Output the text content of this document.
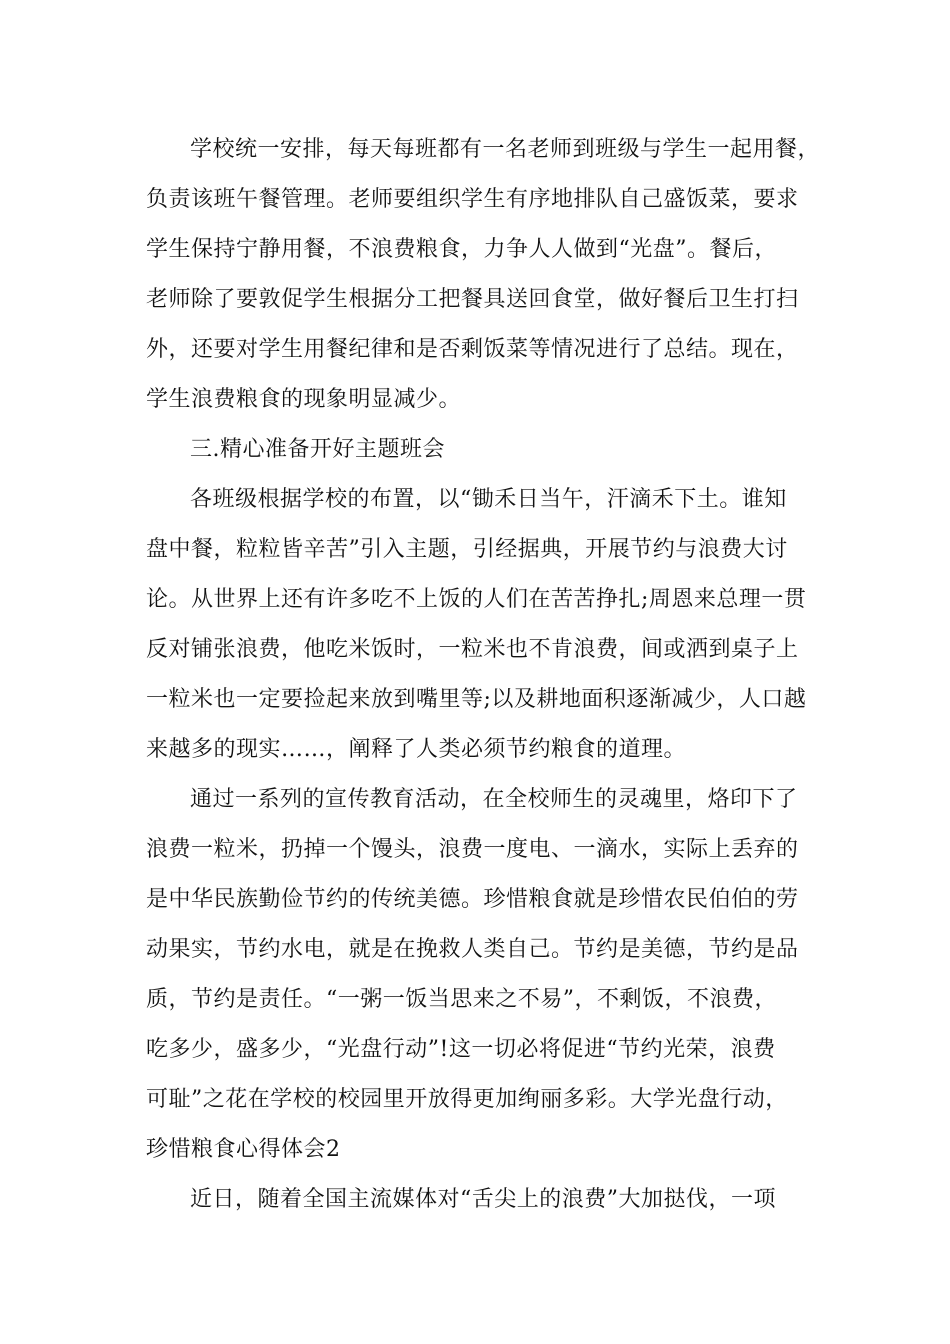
学校统一安排，每天每班都有一名老师到班级与学生一起用餐，
负责该班午餐管理。老师要组织学生有序地排队自己盛饭菜，要求
学生保持宁静用餐，不浪费粮食，力争人人做到“光盘”。餐后，
老师除了要敦促学生根据分工把餐具送回食堂，做好餐后卫生打扫
外，还要对学生用餐纪律和是否剩饭菜等情况进行了总结。现在，
学生浪费粮食的现象明显减少。
三.精心准备开好主题班会
各班级根据学校的布置，以“锄禾日当午，汗滴禾下土。谁知
盘中餐，粒粒皆辛苦”引入主题，引经据典，开展节约与浪费大讨
论。从世界上还有许多吃不上饭的人们在苦苦挣扎;周恩来总理一贯
反对铺张浪费，他吃米饭时，一粒米也不肯浪费，间或洒到桌子上
一粒米也一定要捡起来放到嘴里等;以及耕地面积逐渐减少，人口越
来越多的现实……，阐释了人类必须节约粮食的道理。
通过一系列的宣传教育活动，在全校师生的灵魂里，烙印下了
浪费一粒米，扔掉一个馒头，浪费一度电、一滴水，实际上丢弃的
是中华民族勤俭节约的传统美德。珍惜粮食就是珍惜农民伯伯的劳
动果实，节约水电，就是在挽救人类自己。节约是美德，节约是品
质，节约是责任。“一粥一饭当思来之不易”，不剩饭，不浪费，
吃多少，盛多少，“光盘行动”!这一切必将促进“节约光荣，浪费
可耻”之花在学校的校园里开放得更加绚丽多彩。大学光盘行动，
珍惜粮食心得体会2
近日，随着全国主流媒体对“舌尖上的浪费”大加挞伐，一项
